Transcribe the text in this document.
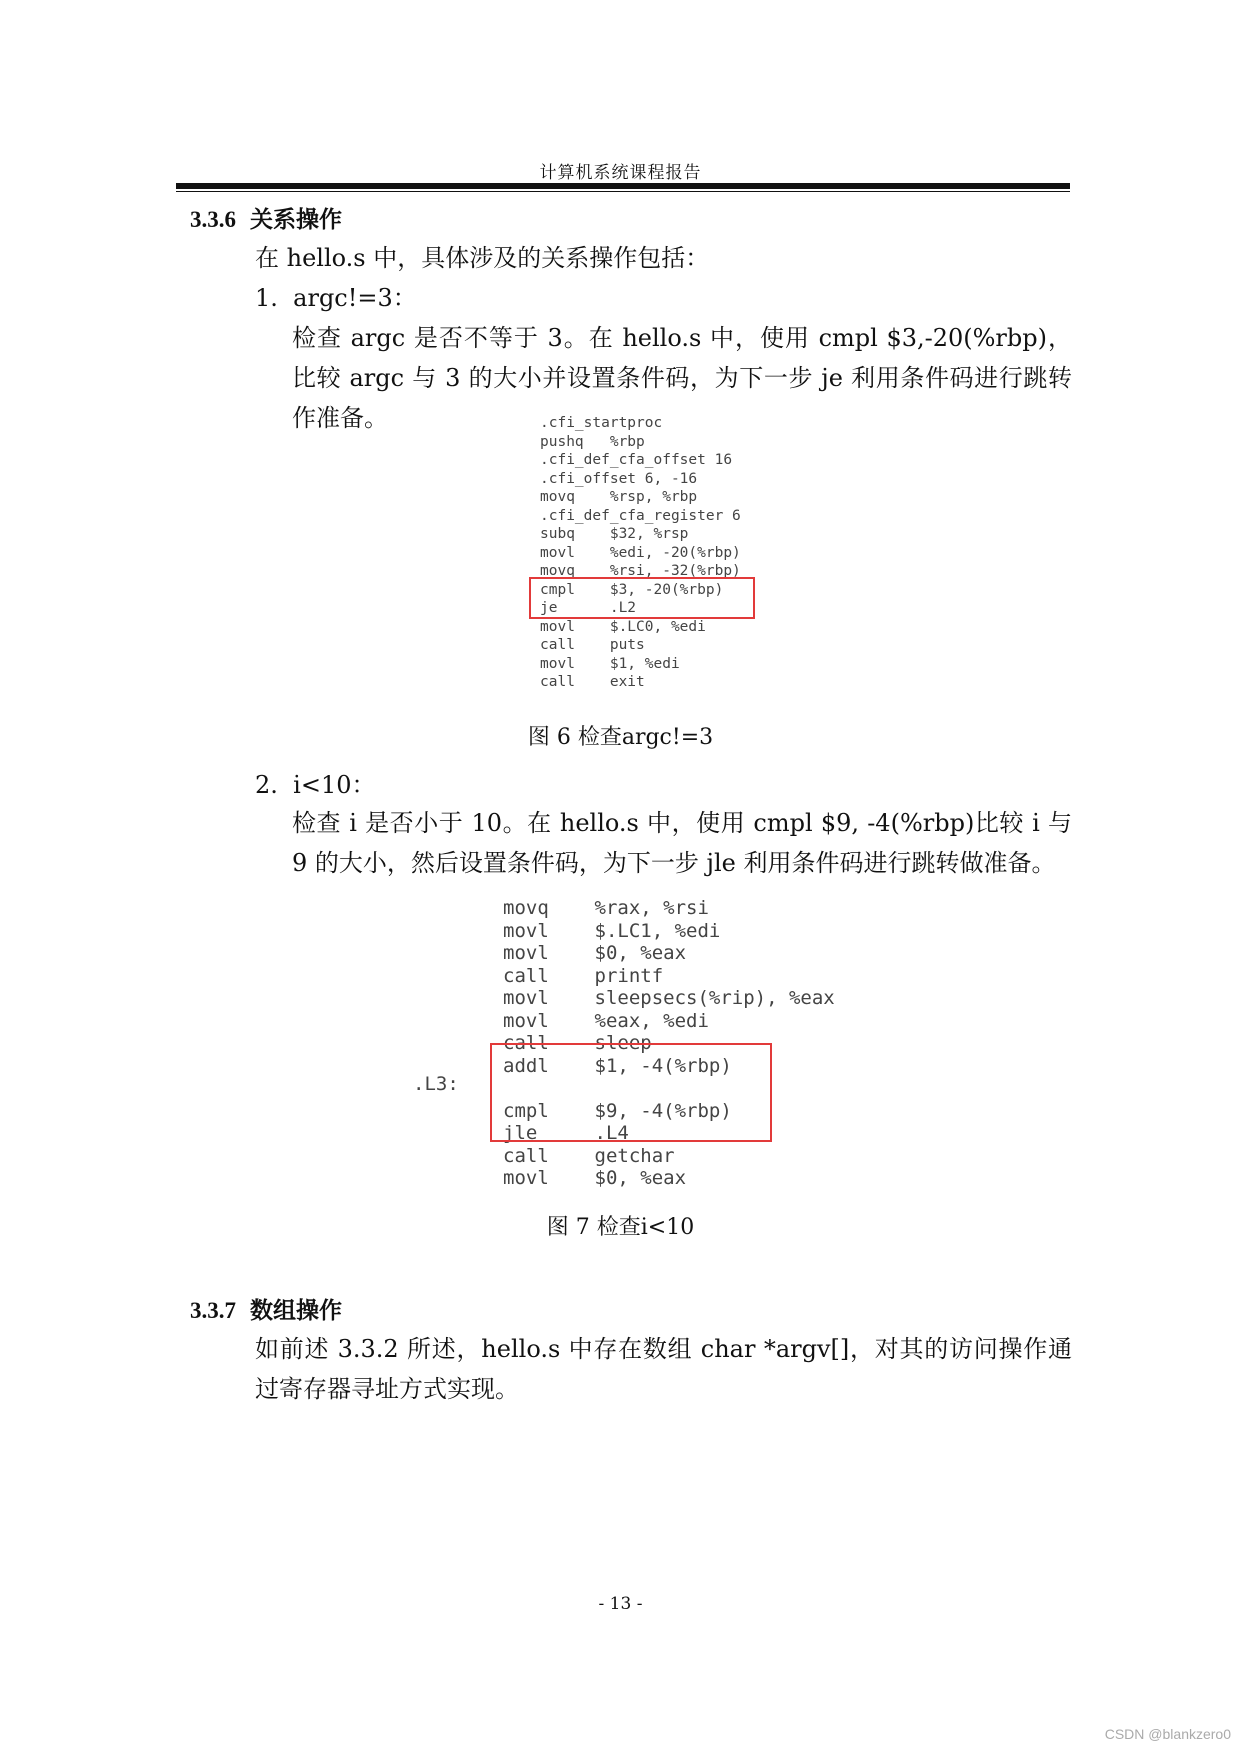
计算机系统课程报告
3.3.6 关系操作
在 hello.s 中，具体涉及的关系操作包括：
1.  argc!=3：
检查 argc 是否不等于 3。在 hello.s 中，使用 cmpl $3,-20(%rbp)，比较 argc 与 3 的大小并设置条件码，为下一步 je 利用条件码进行跳转作准备。	.cfi_startproc
pushq   %rbp
.cfi_def_cfa_offset 16
.cfi_offset 6, -16
movq    %rsp, %rbp
.cfi_def_cfa_register 6
subq    $32, %rsp
movl    %edi, -20(%rbp)
movq    %rsi, -32(%rbp)
cmpl    $3, -20(%rbp)
je      .L2
movl    $.LC0, %edi
call    puts
movl    $1, %edi
call    exit
图 6 检查argc!=3
2.  i<10：
检查 i 是否小于 10。在 hello.s 中，使用 cmpl $9, -4(%rbp)比较 i 与 9 的大小，然后设置条件码，为下一步 jle 利用条件码进行跳转做准备。
.L3:
movq    %rax, %rsi
movl    $.LC1, %edi
movl    $0, %eax
call    printf
movl    sleepsecs(%rip), %eax
movl    %eax, %edi
call    sleep
addl    $1, -4(%rbp)

cmpl    $9, -4(%rbp)
jle     .L4
call    getchar
movl    $0, %eax
图 7 检查i<10
3.3.7 数组操作
如前述 3.3.2 所述，hello.s 中存在数组 char *argv[]，对其的访问操作通过寄存器寻址方式实现。
- 13 -
CSDN @blankzero0
